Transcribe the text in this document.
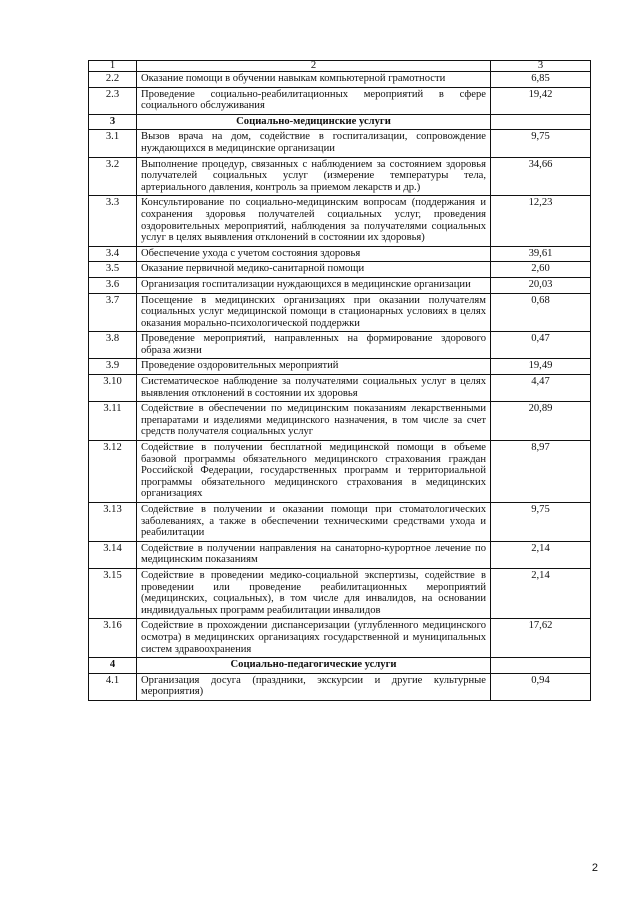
1	2	3
2.2	Оказание помощи в обучении навыкам компьютерной грамотности	6,85
2.3	Проведение социально-реабилитационных мероприятий в сфере социального обслуживания	19,42
3	Социально-медицинские услуги	
3.1	Вызов врача на дом, содействие в госпитализации, сопровождение нуждающихся в медицинские организации	9,75
3.2	Выполнение процедур, связанных с наблюдением за состоянием здоровья получателей социальных услуг (измерение температуры тела, артериального давления, контроль за приемом лекарств и др.)	34,66
3.3	Консультирование по социально-медицинским вопросам (поддержания и сохранения здоровья получателей социальных услуг, проведения оздоровительных мероприятий, наблюдения за получателями социальных услуг в целях выявления отклонений в состоянии их здоровья)	12,23
3.4	Обеспечение ухода с учетом состояния здоровья	39,61
3.5	Оказание первичной медико-санитарной помощи	2,60
3.6	Организация госпитализации нуждающихся в медицинские организации	20,03
3.7	Посещение в медицинских организациях при оказании получателям социальных услуг медицинской помощи в стационарных условиях в целях оказания морально-психологической поддержки	0,68
3.8	Проведение мероприятий, направленных на формирование здорового образа жизни	0,47
3.9	Проведение оздоровительных мероприятий	19,49
3.10	Систематическое наблюдение за получателями социальных услуг в целях выявления отклонений в состоянии их здоровья	4,47
3.11	Содействие в обеспечении по медицинским показаниям лекарственными препаратами и изделиями медицинского назначения, в том числе за счет средств получателя социальных услуг	20,89
3.12	Содействие в получении бесплатной медицинской помощи в объеме базовой программы обязательного медицинского страхования граждан Российской Федерации, государственных программ и территориальной программы обязательного медицинского страхования в медицинских организациях	8,97
3.13	Содействие в получении и оказании помощи при стоматологических заболеваниях, а также в обеспечении техническими средствами ухода и реабилитации	9,75
3.14	Содействие в получении направления на санаторно-курортное лечение по медицинским показаниям	2,14
3.15	Содействие в проведении медико-социальной экспертизы, содействие в проведении или проведение реабилитационных мероприятий (медицинских, социальных), в том числе для инвалидов, на основании индивидуальных программ реабилитации инвалидов	2,14
3.16	Содействие в прохождении диспансеризации (углубленного медицинского осмотра) в медицинских организациях государственной и муниципальных систем здравоохранения	17,62
4	Социально-педагогические услуги	
4.1	Организация досуга (праздники, экскурсии и другие культурные мероприятия)	0,94
2
